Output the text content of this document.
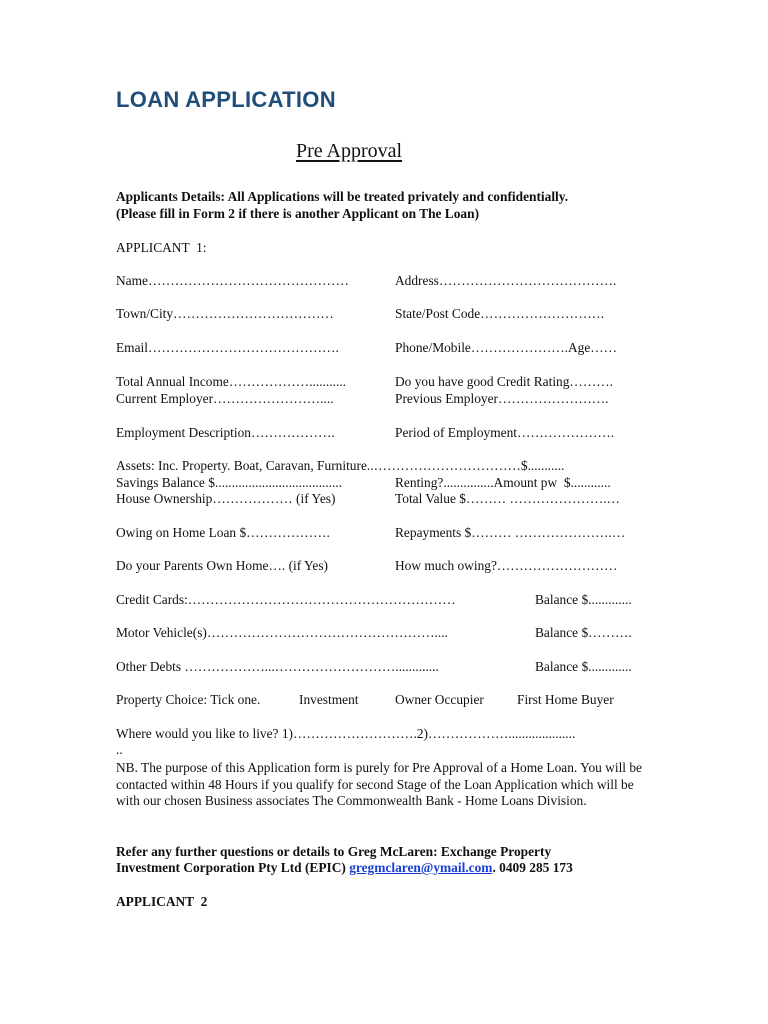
LOAN APPLICATION
Pre Approval
Applicants Details: All Applications will be treated privately and confidentially.
(Please fill in Form 2 if there is another Applicant on The Loan)
APPLICANT  1:
Name………………………………………	Address………………………………….
Town/City………………………………	State/Post Code……………………….
Email…………………………………….	Phone/Mobile………………….Age……
Total Annual Income………………...........	Do you have good Credit Rating……….
Current Employer……………………....	Previous Employer…………………….
Employment Description……………….	Period of Employment………………….
Assets: Inc. Property. Boat, Caravan, Furniture..……………………………$...........
Savings Balance $......................................	Renting?...............Amount pw  $............
House Ownership……………… (if Yes)	Total Value $……… ………………….…
Owing on Home Loan $……………….	Repayments $……… ………………….…
Do your Parents Own Home…. (if Yes)	How much owing?………………………
Credit Cards:……………………………………………………	Balance $.............
Motor Vehicle(s)……………………………………………....	Balance $……….
Other Debts ………………...……………………….............	Balance $.............
Property Choice: Tick one.	Investment	Owner Occupier First Home Buyer
Where would you like to live? 1)……………………….2)………………....................
..
NB. The purpose of this Application form is purely for Pre Approval of a Home Loan. You will be contacted within 48 Hours if you qualify for second Stage of the Loan Application which will be with our chosen Business associates The Commonwealth Bank - Home Loans Division.
Refer any further questions or details to Greg McLaren: Exchange Property
Investment Corporation Pty Ltd (EPIC) gregmclaren@ymail.com. 0409 285 173
APPLICANT  2
